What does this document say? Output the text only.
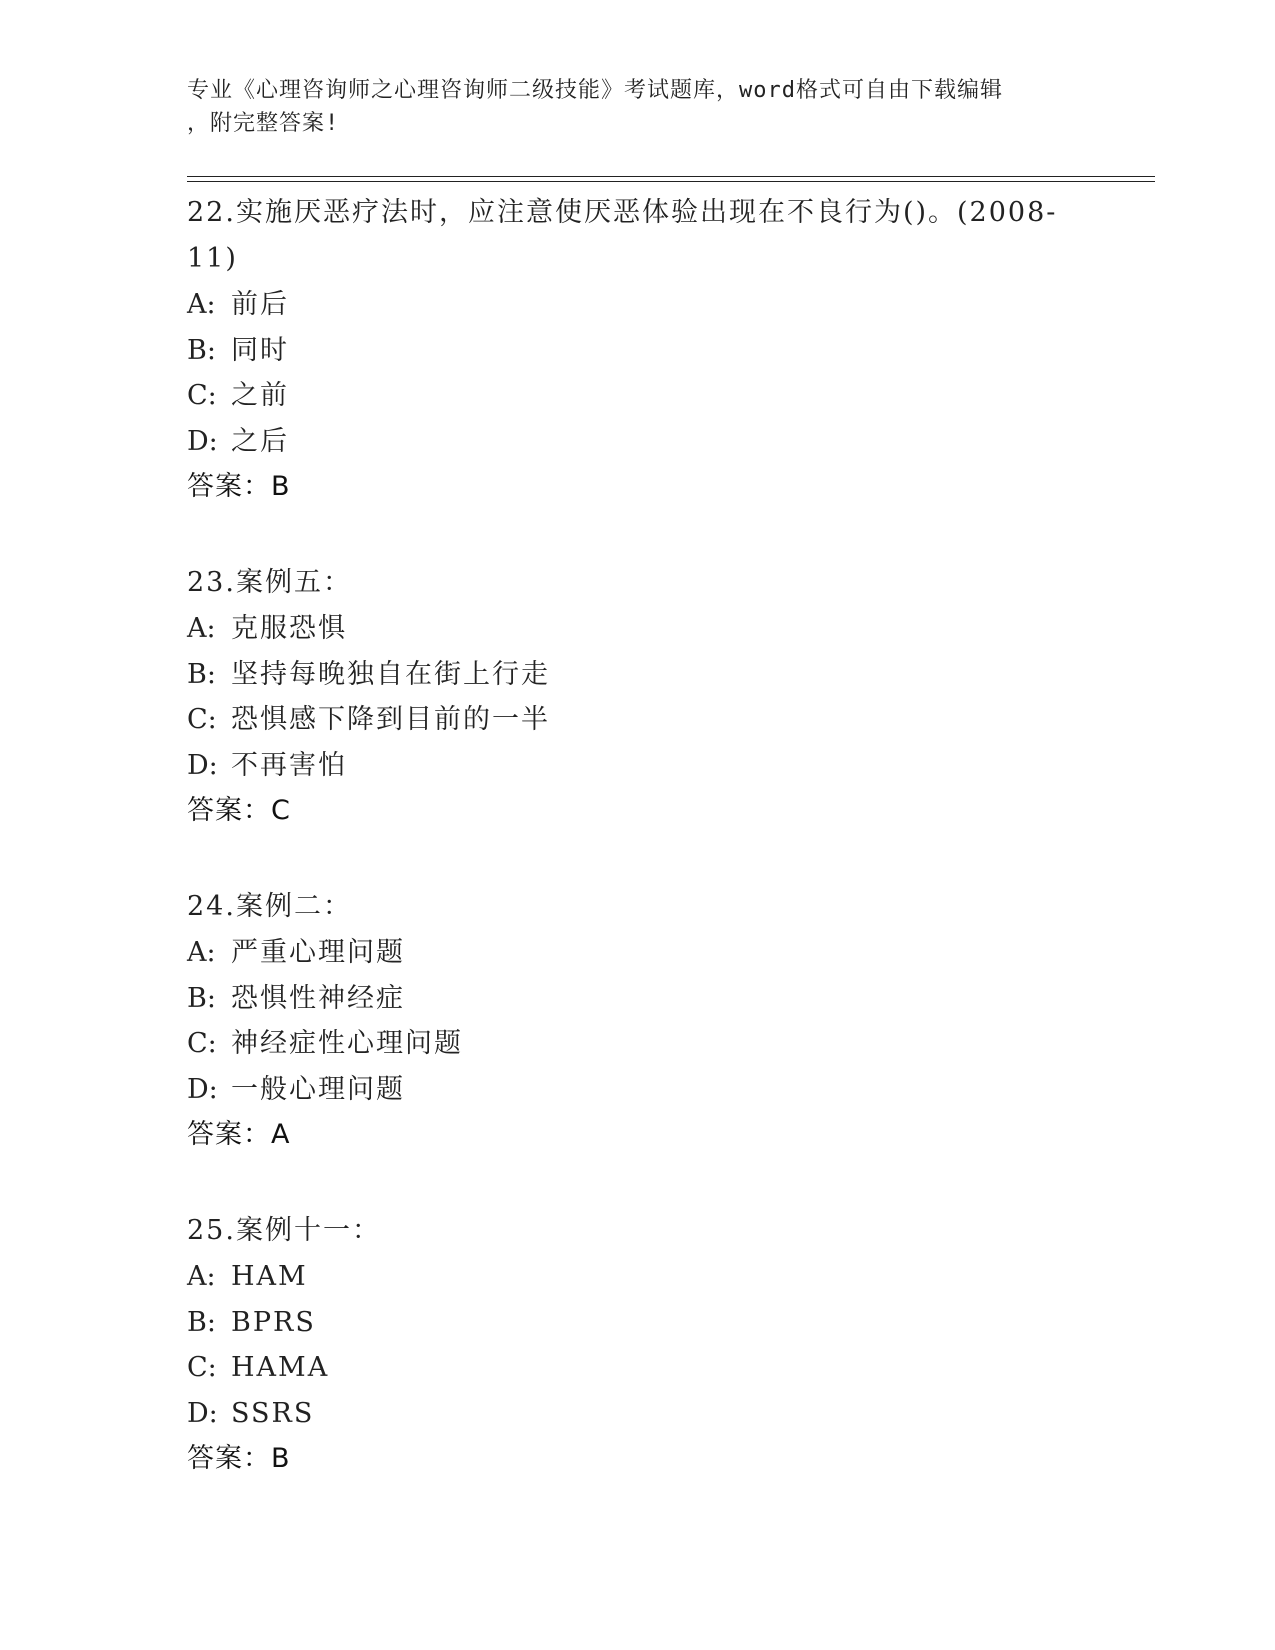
专业《心理咨询师之心理咨询师二级技能》考试题库，word格式可自由下载编辑
，附完整答案!

22.实施厌恶疗法时，应注意使厌恶体验出现在不良行为()。(2008-

11)

A: 前后

B: 同时

C: 之前

D: 之后

答案：B

23.案例五：

A: 克服恐惧

B: 坚持每晚独自在街上行走

C: 恐惧感下降到目前的一半

D: 不再害怕

答案：C

24.案例二：

A: 严重心理问题

B: 恐惧性神经症

C: 神经症性心理问题

D: 一般心理问题

答案：A

25.案例十一：

A: HAM

B: BPRS

C: HAMA

D: SSRS

答案：B
